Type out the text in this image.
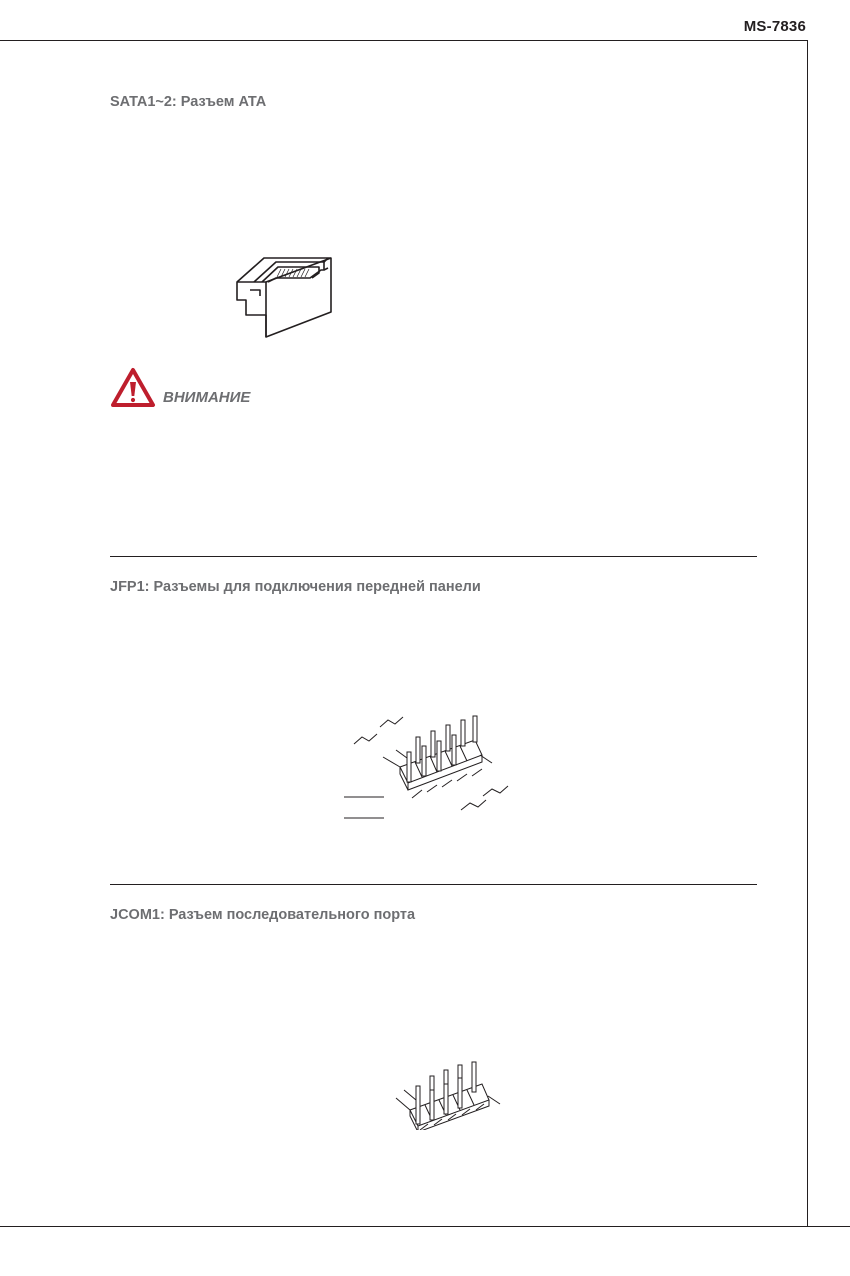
MS-7836

SATA1~2: Разъем ATA

ВНИМАНИЕ

JFP1: Разъемы для подключения передней панели

JCOM1: Разъем последовательного порта
